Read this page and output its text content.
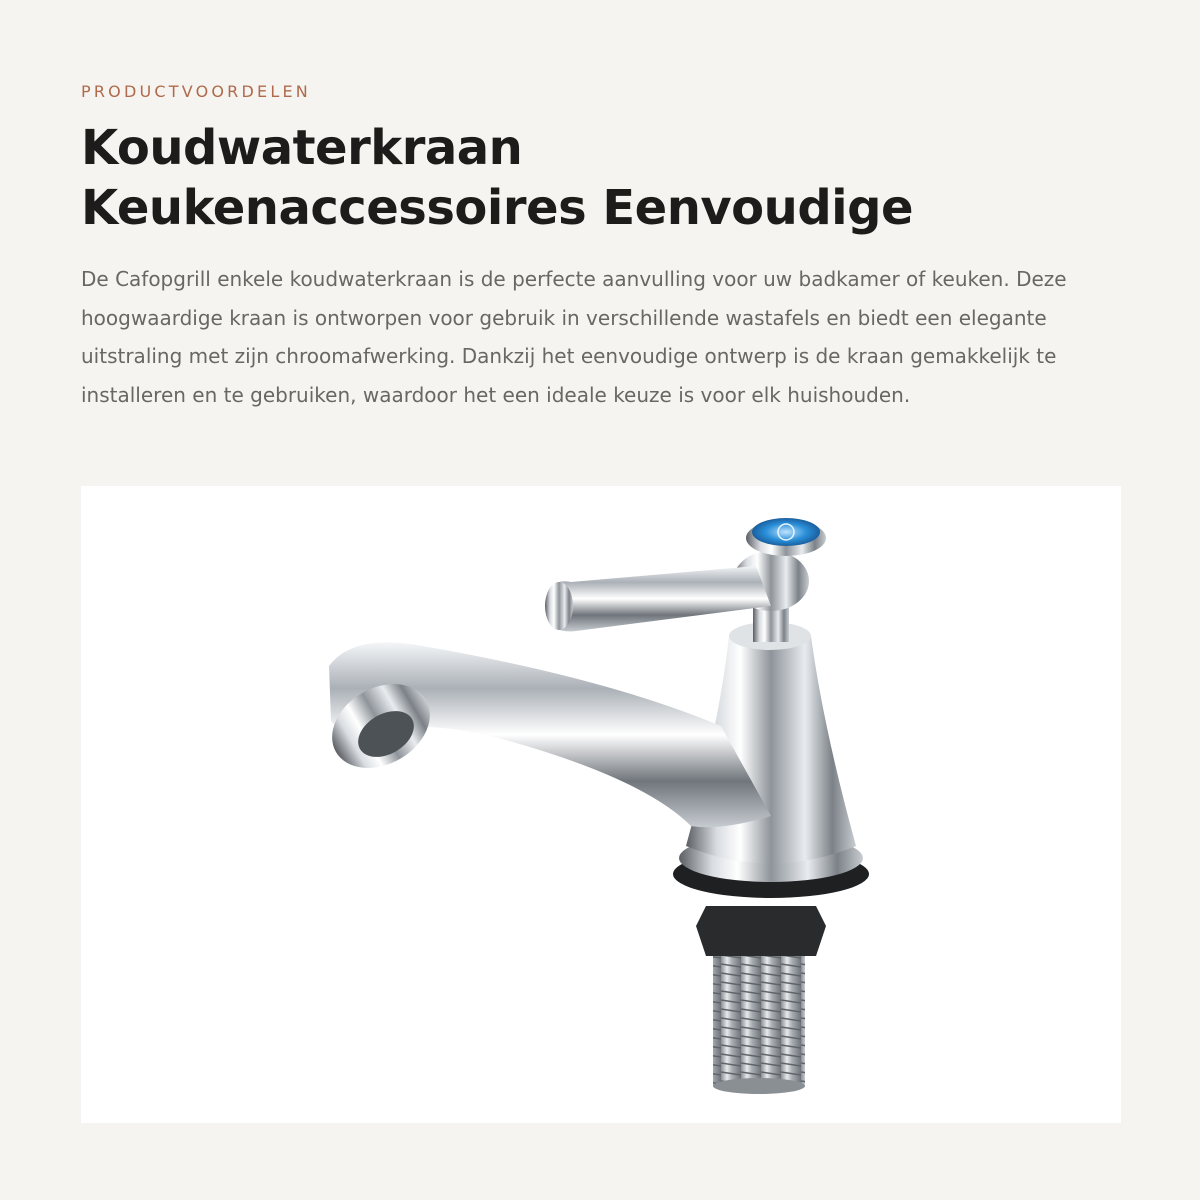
PRODUCTVOORDELEN
Koudwaterkraan
Keukenaccessoires Eenvoudige

De Cafopgrill enkele koudwaterkraan is de perfecte aanvulling voor uw badkamer of keuken. Deze hoogwaardige kraan is ontworpen voor gebruik in verschillende wastafels en biedt een elegante uitstraling met zijn chroomafwerking. Dankzij het eenvoudige ontwerp is de kraan gemakkelijk te installeren en te gebruiken, waardoor het een ideale keuze is voor elk huishouden.
